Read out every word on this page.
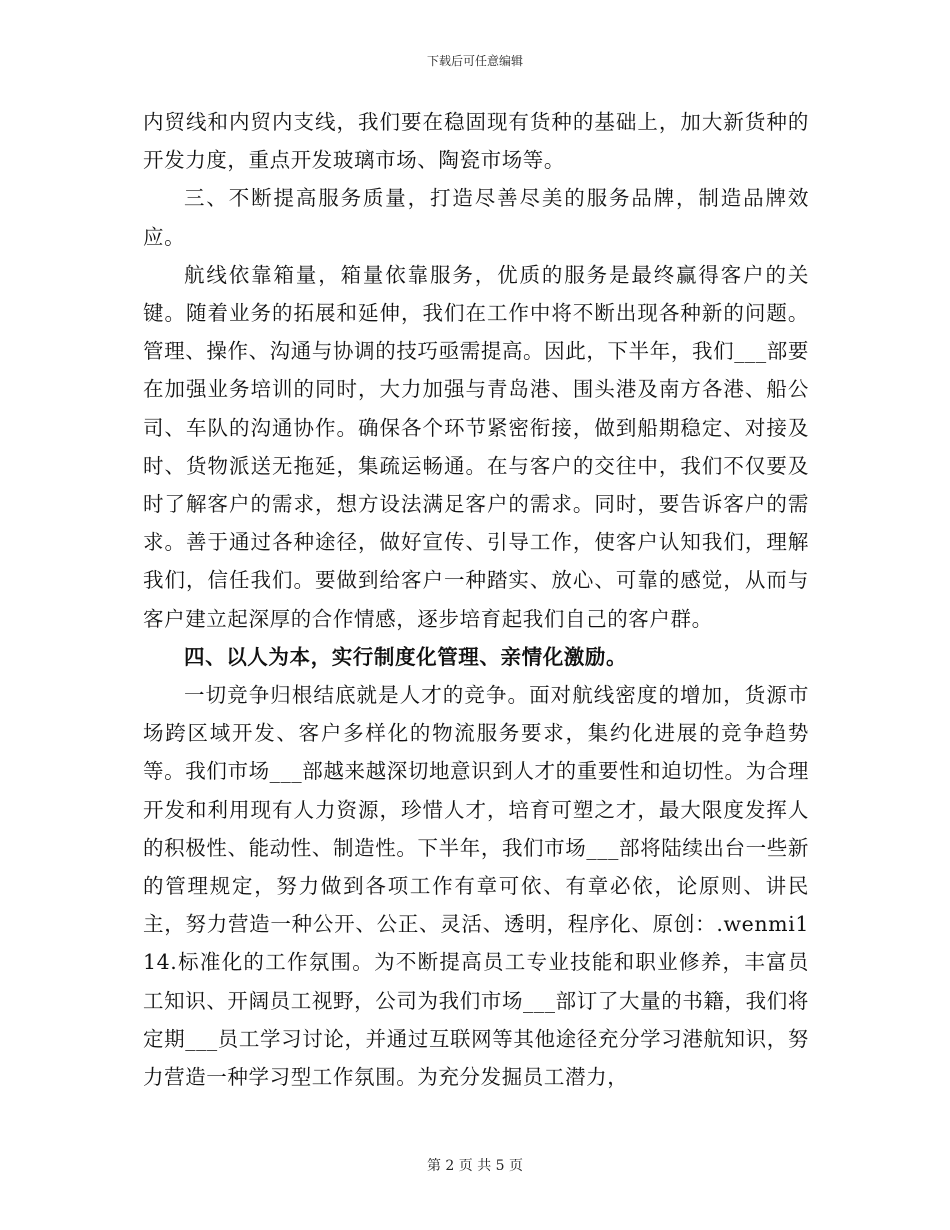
下载后可任意编辑

内贸线和内贸内支线，我们要在稳固现有货种的基础上，加大新货种的开发力度，重点开发玻璃市场、陶瓷市场等。

三、不断提高服务质量，打造尽善尽美的服务品牌，制造品牌效应。

航线依靠箱量，箱量依靠服务，优质的服务是最终赢得客户的关键。随着业务的拓展和延伸，我们在工作中将不断出现各种新的问题。管理、操作、沟通与协调的技巧亟需提高。因此，下半年，我们___部要在加强业务培训的同时，大力加强与青岛港、围头港及南方各港、船公司、车队的沟通协作。确保各个环节紧密衔接，做到船期稳定、对接及时、货物派送无拖延，集疏运畅通。在与客户的交往中，我们不仅要及时了解客户的需求，想方设法满足客户的需求。同时，要告诉客户的需求。善于通过各种途径，做好宣传、引导工作，使客户认知我们，理解我们，信任我们。要做到给客户一种踏实、放心、可靠的感觉，从而与客户建立起深厚的合作情感，逐步培育起我们自己的客户群。

四、以人为本，实行制度化管理、亲情化激励。

一切竞争归根结底就是人才的竞争。面对航线密度的增加，货源市场跨区域开发、客户多样化的物流服务要求，集约化进展的竞争趋势等。我们市场___部越来越深切地意识到人才的重要性和迫切性。为合理开发和利用现有人力资源，珍惜人才，培育可塑之才，最大限度发挥人的积极性、能动性、制造性。下半年，我们市场___部将陆续出台一些新的管理规定，努力做到各项工作有章可依、有章必依，论原则、讲民主，努力营造一种公开、公正、灵活、透明，程序化、原创：.wenmi114.标准化的工作氛围。为不断提高员工专业技能和职业修养，丰富员工知识、开阔员工视野，公司为我们市场___部订了大量的书籍，我们将定期___员工学习讨论，并通过互联网等其他途径充分学习港航知识，努力营造一种学习型工作氛围。为充分发掘员工潜力，

第 2 页 共 5 页
